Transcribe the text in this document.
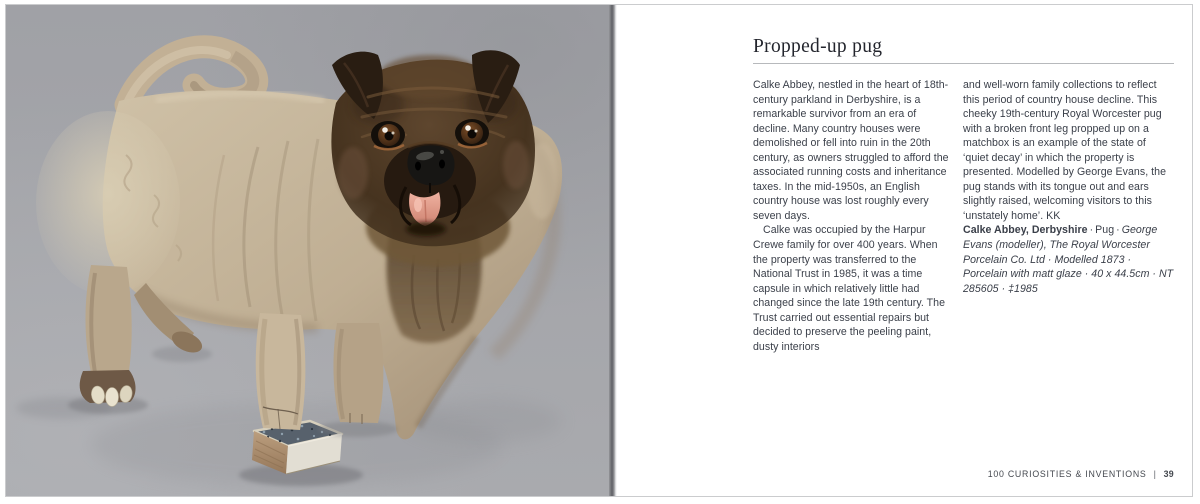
Propped-up pug

Calke Abbey, nestled in the heart of 18th-century parkland in Derbyshire, is a remarkable survivor from an era of decline. Many country houses were demolished or fell into ruin in the 20th century, as owners struggled to afford the associated running costs and inheritance taxes. In the mid-1950s, an English country house was lost roughly every seven days.

Calke was occupied by the Harpur Crewe family for over 400 years. When the property was transferred to the National Trust in 1985, it was a time capsule in which relatively little had changed since the late 19th century. The Trust carried out essential repairs but decided to preserve the peeling paint, dusty interiors

and well-worn family collections to reflect this period of country house decline. This cheeky 19th-century Royal Worcester pug with a broken front leg propped up on a matchbox is an example of the state of ‘quiet decay’ in which the property is presented. Modelled by George Evans, the pug stands with its tongue out and ears slightly raised, welcoming visitors to this ‘unstately home’. KK

Calke Abbey, Derbyshire · Pug · George Evans (modeller), The Royal Worcester Porcelain Co. Ltd · Modelled 1873 · Porcelain with matt glaze · 40 x 44.5cm · NT 285605 · ‡1985

100 CURIOSITIES & INVENTIONS | 39
